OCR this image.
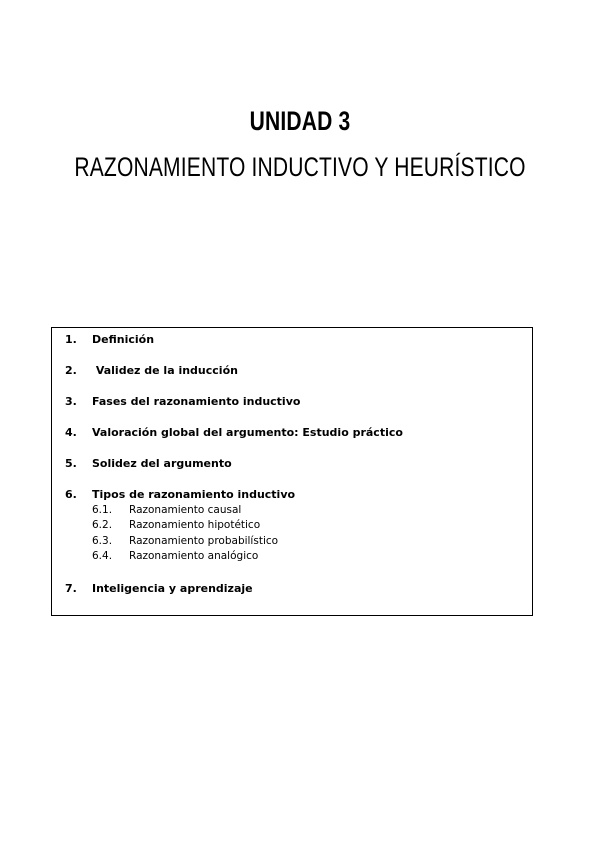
UNIDAD 3
RAZONAMIENTO INDUCTIVO Y HEURÍSTICO
1.	Definición
2.	Validez de la inducción
3.	Fases del razonamiento inductivo
4.	Valoración global del argumento: Estudio práctico
5.	Solidez del argumento
6.	Tipos de razonamiento inductivo
6.1.	Razonamiento causal
6.2.	Razonamiento hipotético
6.3.	Razonamiento probabilístico
6.4.	Razonamiento analógico
7.	Inteligencia y aprendizaje
